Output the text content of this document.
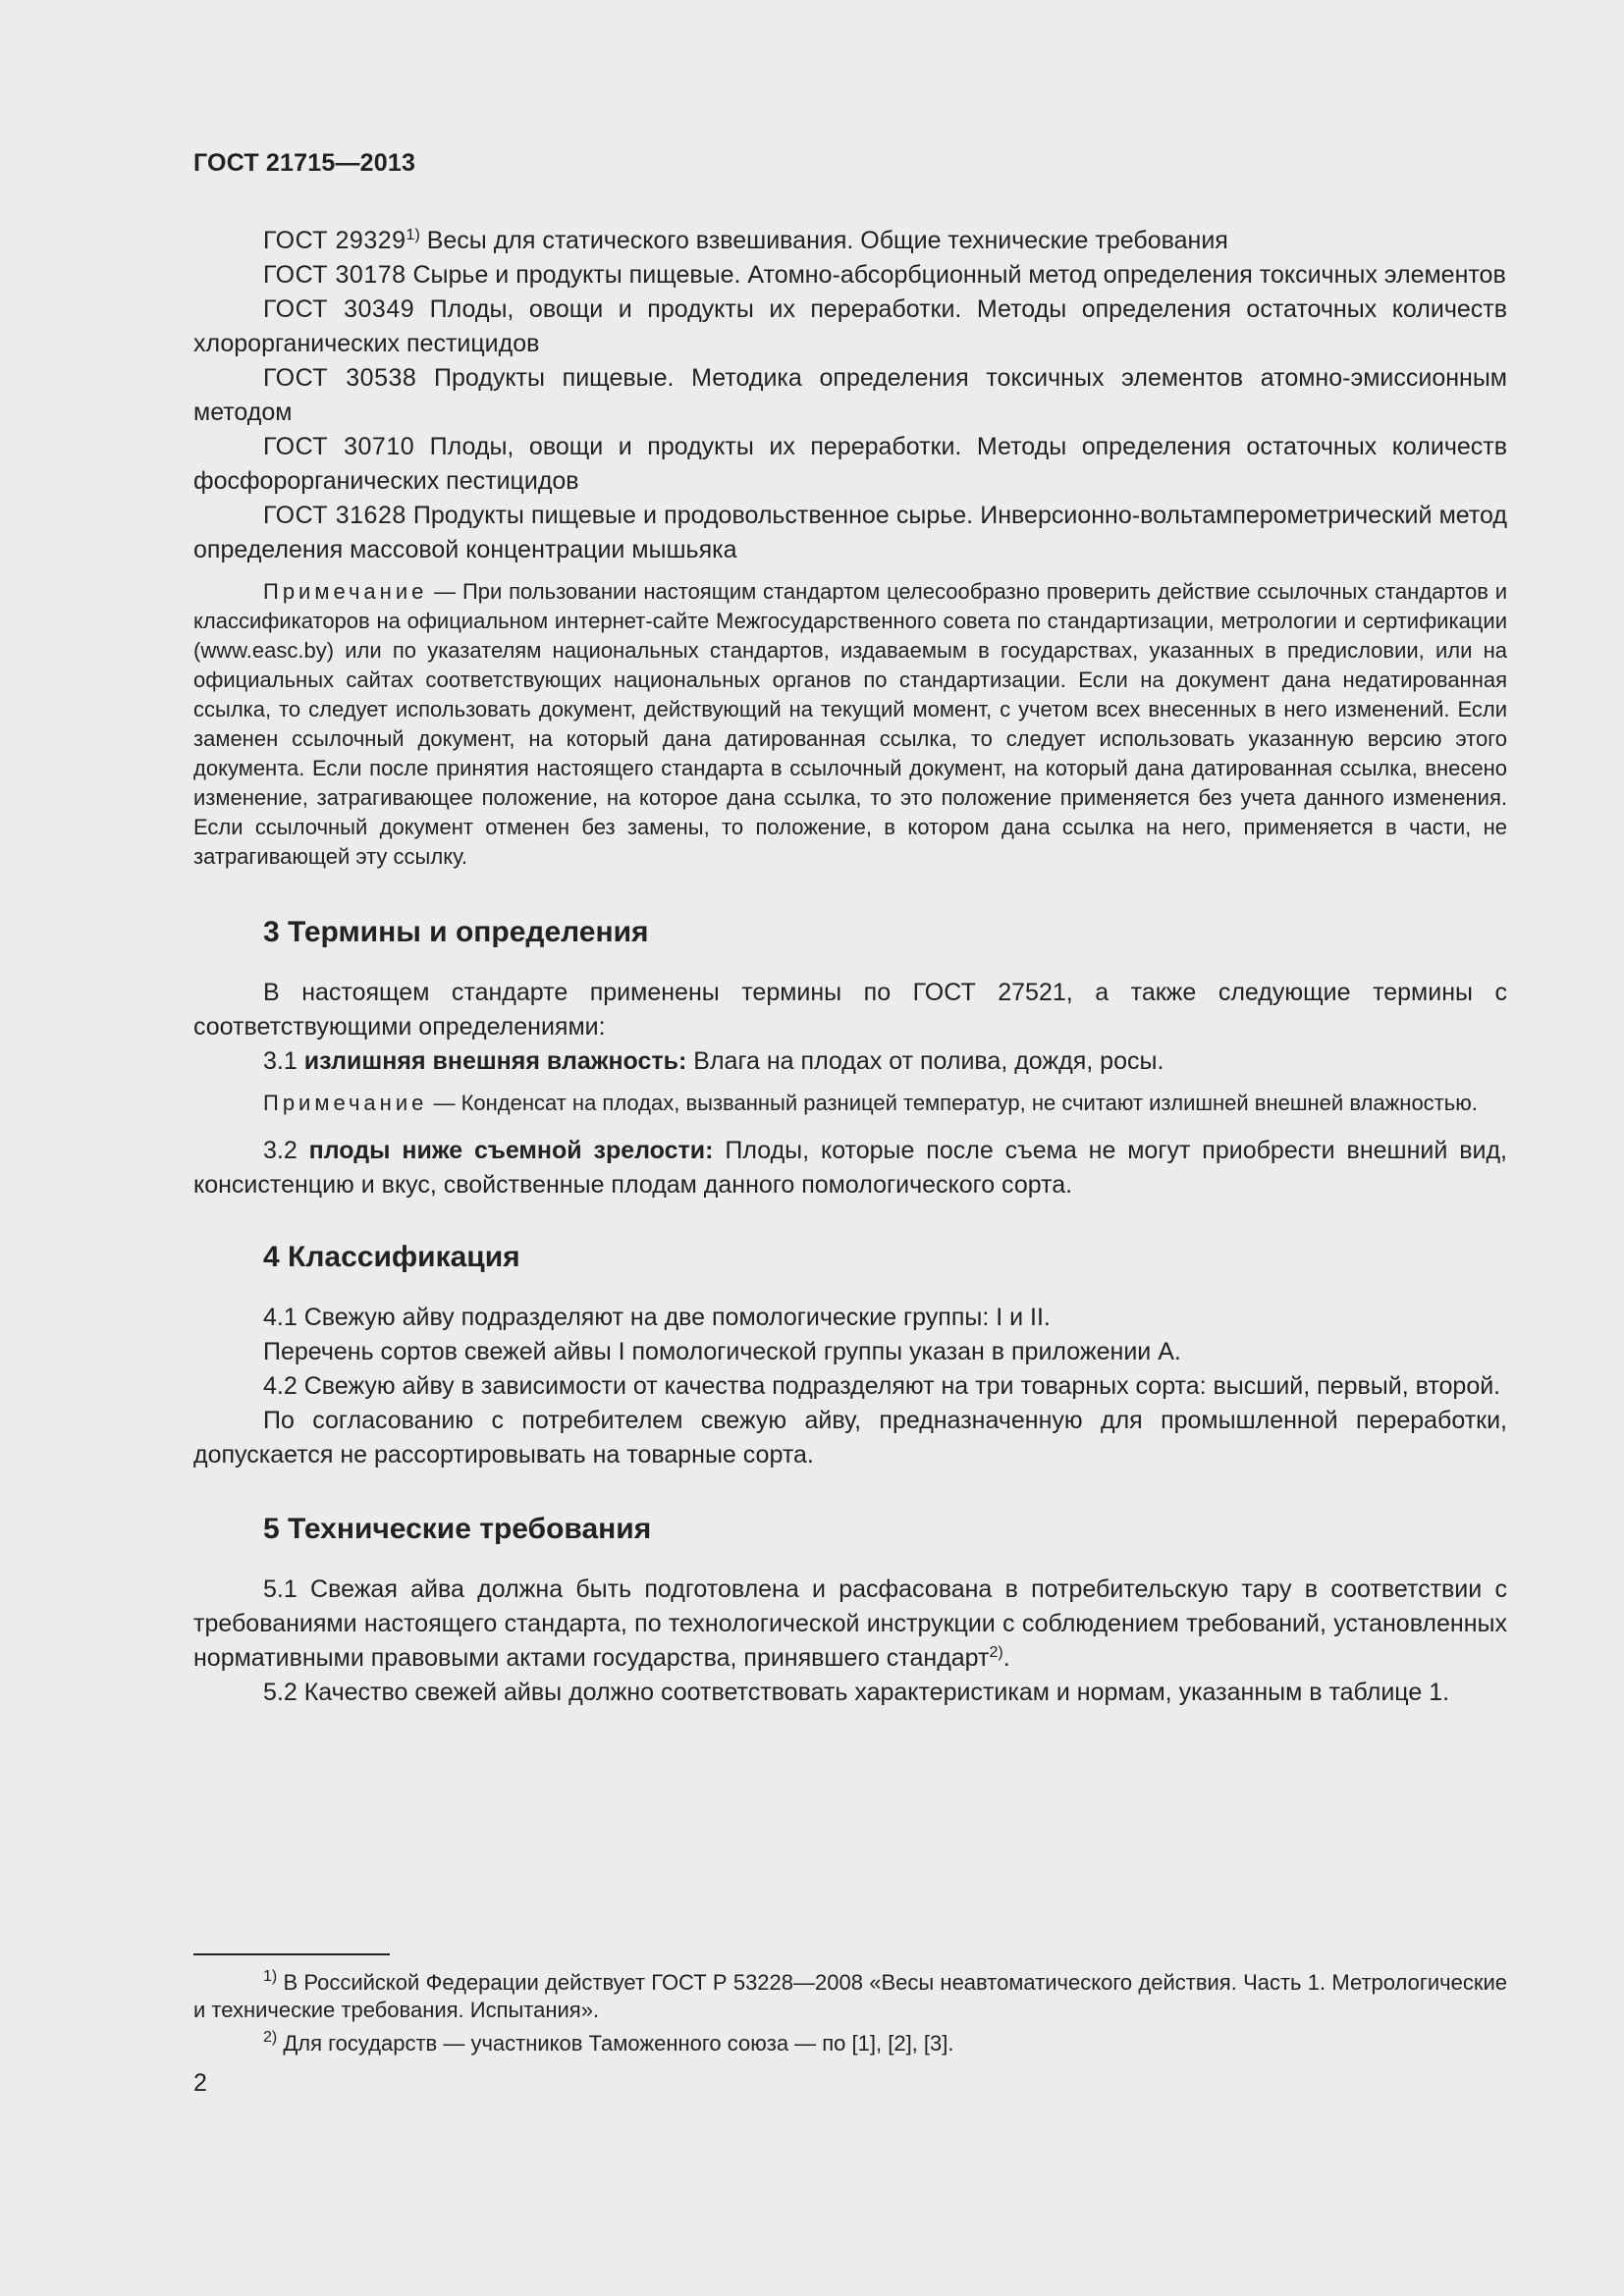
ГОСТ 21715—2013

ГОСТ 29329$^{1)}$ Весы для статического взвешивания. Общие технические требования

ГОСТ 30178 Сырье и продукты пищевые. Атомно-абсорбционный метод определения токсичных элементов

ГОСТ 30349 Плоды, овощи и продукты их переработки. Методы определения остаточных количеств хлорорганических пестицидов

ГОСТ 30538 Продукты пищевые. Методика определения токсичных элементов атомно-эмиссионным методом

ГОСТ 30710 Плоды, овощи и продукты их переработки. Методы определения остаточных количеств фосфорорганических пестицидов

ГОСТ 31628 Продукты пищевые и продовольственное сырье. Инверсионно-вольтамперометрический метод определения массовой концентрации мышьяка

Примечание — При пользовании настоящим стандартом целесообразно проверить действие ссылочных стандартов и классификаторов на официальном интернет-сайте Межгосударственного совета по стандартизации, метрологии и сертификации (www.easc.by) или по указателям национальных стандартов, издаваемым в государствах, указанных в предисловии, или на официальных сайтах соответствующих национальных органов по стандартизации. Если на документ дана недатированная ссылка, то следует использовать документ, действующий на текущий момент, с учетом всех внесенных в него изменений. Если заменен ссылочный документ, на который дана датированная ссылка, то следует использовать указанную версию этого документа. Если после принятия настоящего стандарта в ссылочный документ, на который дана датированная ссылка, внесено изменение, затрагивающее положение, на которое дана ссылка, то это положение применяется без учета данного изменения. Если ссылочный документ отменен без замены, то положение, в котором дана ссылка на него, применяется в части, не затрагивающей эту ссылку.

3 Термины и определения

В настоящем стандарте применены термины по ГОСТ 27521, а также следующие термины с соответствующими определениями:

3.1 излишняя внешняя влажность: Влага на плодах от полива, дождя, росы.

Примечание — Конденсат на плодах, вызванный разницей температур, не считают излишней внешней влажностью.

3.2 плоды ниже съемной зрелости: Плоды, которые после съема не могут приобрести внешний вид, консистенцию и вкус, свойственные плодам данного помологического сорта.

4 Классификация

4.1 Свежую айву подразделяют на две помологические группы: I и II.

Перечень сортов свежей айвы I помологической группы указан в приложении А.

4.2 Свежую айву в зависимости от качества подразделяют на три товарных сорта: высший, первый, второй.

По согласованию с потребителем свежую айву, предназначенную для промышленной переработки, допускается не рассортировывать на товарные сорта.

5 Технические требования

5.1 Свежая айва должна быть подготовлена и расфасована в потребительскую тару в соответствии с требованиями настоящего стандарта, по технологической инструкции с соблюдением требований, установленных нормативными правовыми актами государства, принявшего стандарт$^{2)}$.

5.2 Качество свежей айвы должно соответствовать характеристикам и нормам, указанным в таблице 1.

$^{1)}$ В Российской Федерации действует ГОСТ Р 53228—2008 «Весы неавтоматического действия. Часть 1. Метрологические и технические требования. Испытания».

$^{2)}$ Для государств — участников Таможенного союза — по [1], [2], [3].

2
